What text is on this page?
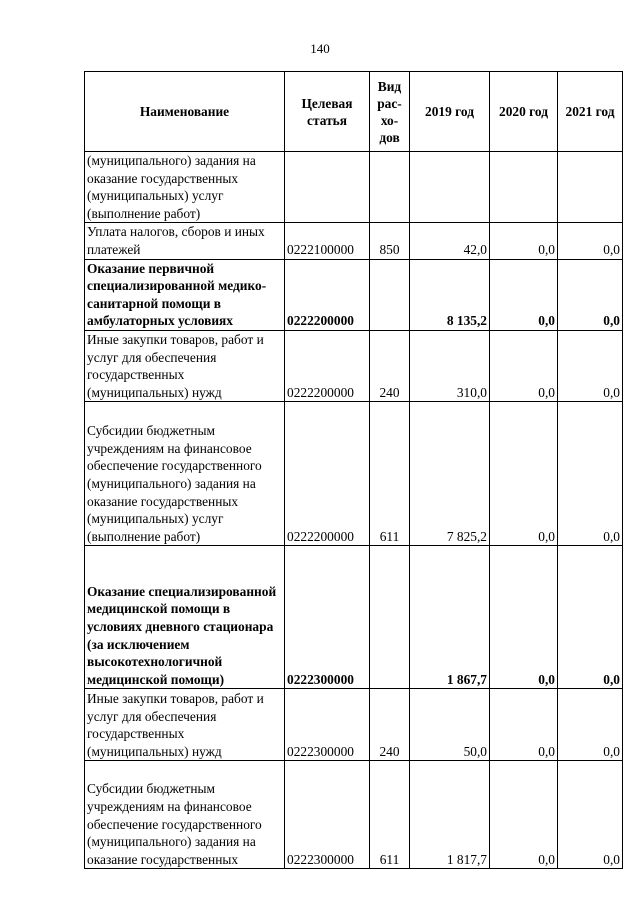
140
Наименование	Целевая статья	Вид рас-хо-дов	2019 год	2020 год	2021 год
(муниципального) задания на оказание государственных (муниципальных) услуг (выполнение работ)					
Уплата налогов, сборов и иных платежей	0222100000	850	42,0	0,0	0,0
Оказание первичной специализированной медико-санитарной помощи в амбулаторных условиях	0222200000		8 135,2	0,0	0,0
Иные закупки товаров, работ и услуг для обеспечения государственных (муниципальных) нужд	0222200000	240	310,0	0,0	0,0
Субсидии бюджетным учреждениям на финансовое обеспечение государственного (муниципального) задания на оказание государственных (муниципальных) услуг (выполнение работ)	0222200000	611	7 825,2	0,0	0,0
Оказание специализированной медицинской помощи в условиях дневного стационара (за исключением высокотехнологичной медицинской помощи)	0222300000		1 867,7	0,0	0,0
Иные закупки товаров, работ и услуг для обеспечения государственных (муниципальных) нужд	0222300000	240	50,0	0,0	0,0
Субсидии бюджетным учреждениям на финансовое обеспечение государственного (муниципального) задания на оказание государственных	0222300000	611	1 817,7	0,0	0,0
